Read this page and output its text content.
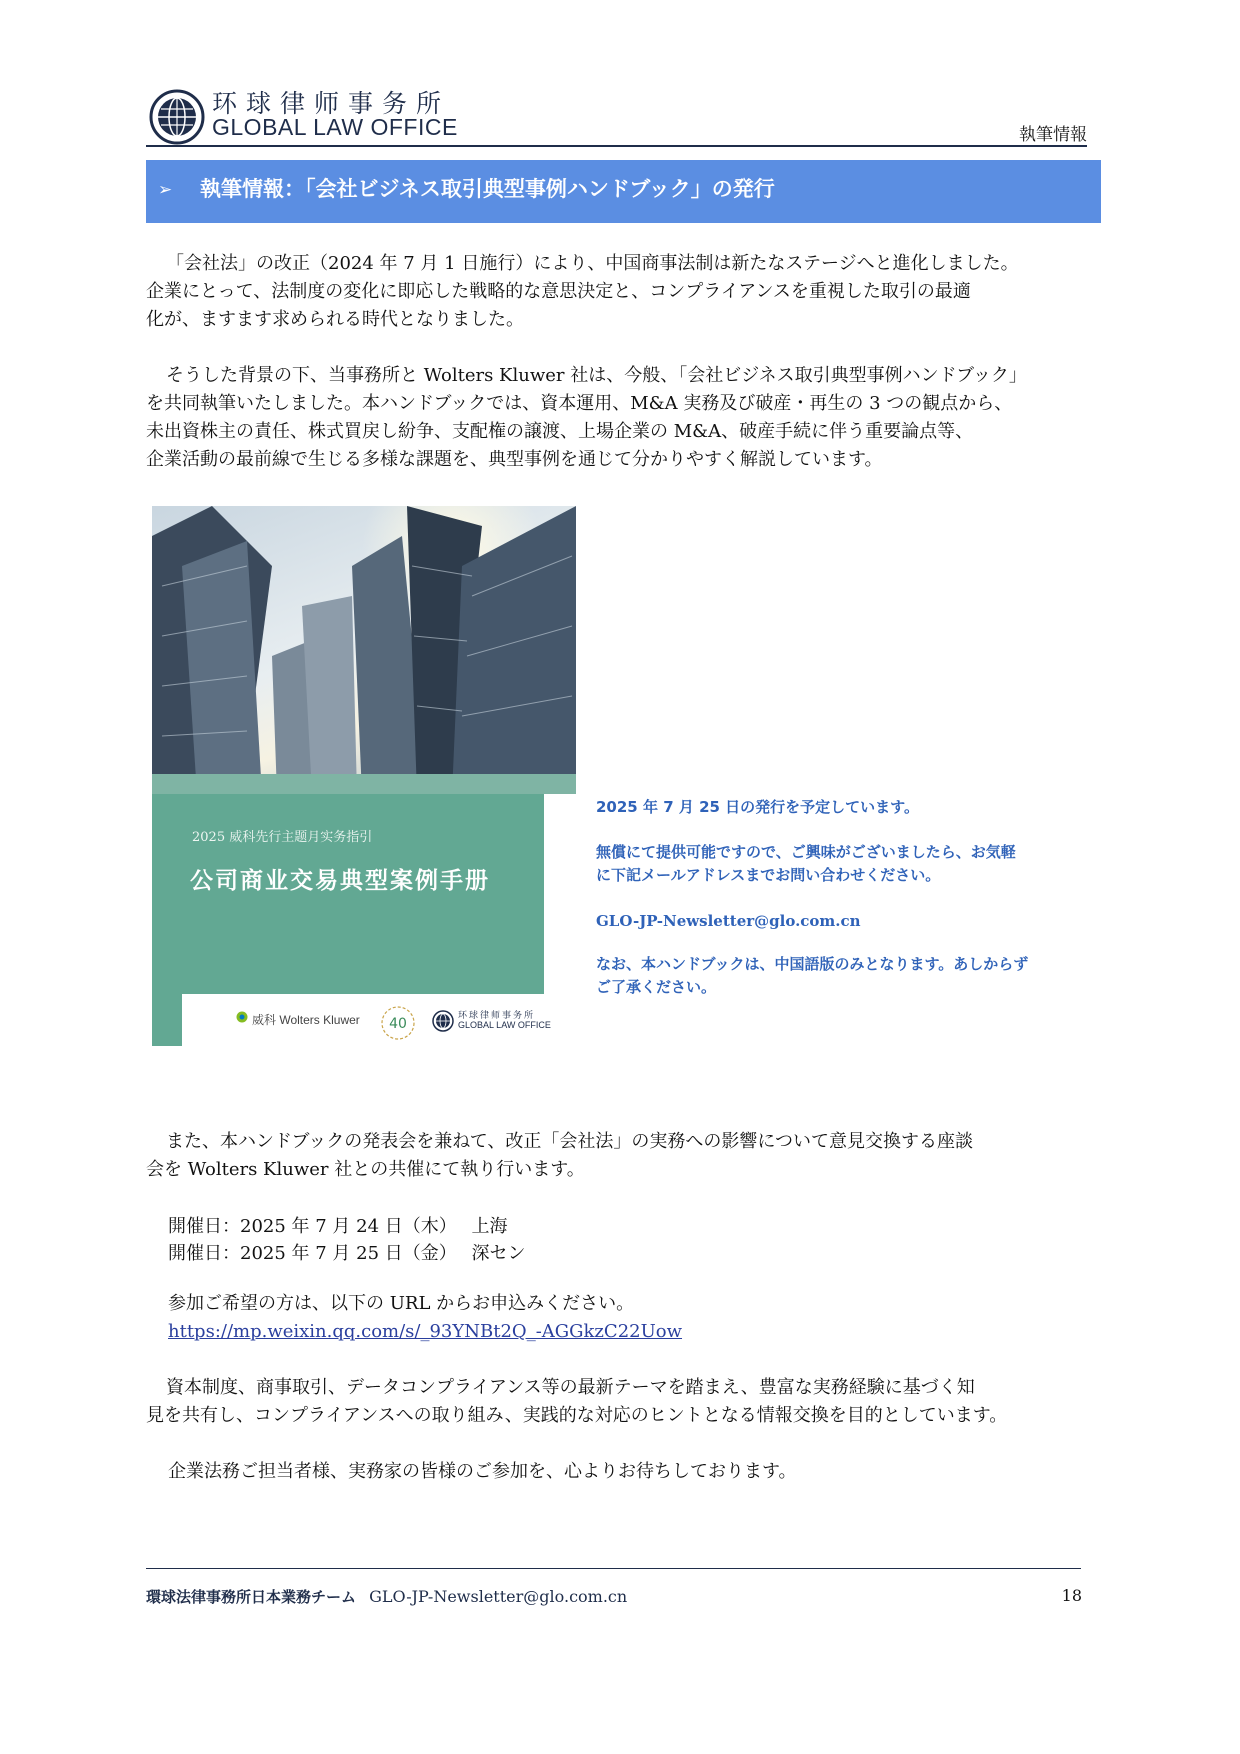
环球律师事务所
GLOBAL LAW OFFICE	執筆情報
➢ 執筆情報：「会社ビジネス取引典型事例ハンドブック」の発行
「会社法」の改正（2024 年 7 月 1 日施行）により、中国商事法制は新たなステージへと進化しました。
企業にとって、法制度の変化に即応した戦略的な意思決定と、コンプライアンスを重視した取引の最適
化が、ますます求められる時代となりました。
そうした背景の下、当事務所と Wolters Kluwer 社は、今般、「会社ビジネス取引典型事例ハンドブック」
を共同執筆いたしました。本ハンドブックでは、資本運用、M&A 実務及び破産・再生の 3 つの観点から、
未出資株主の責任、株式買戻し紛争、支配権の譲渡、上場企業の M&A、破産手続に伴う重要論点等、
企業活動の最前線で生じる多様な課題を、典型事例を通じて分かりやすく解説しています。
2025 威科先行主题月实务指引
公司商业交易典型案例手册
威科 Wolters Kluwer 40	环球律师事务所
GLOBAL LAW OFFICE
2025 年 7 月 25 日の発行を予定しています。
無償にて提供可能ですので、ご興味がございましたら、お気軽
に下記メールアドレスまでお問い合わせください。
GLO-JP-Newsletter@glo.com.cn
なお、本ハンドブックは、中国語版のみとなります。あしからず
ご了承ください。
また、本ハンドブックの発表会を兼ねて、改正「会社法」の実務への影響について意見交換する座談
会を Wolters Kluwer 社との共催にて執り行います。
開催日：2025 年 7 月 24 日（木）　 上海
開催日：2025 年 7 月 25 日（金）　 深セン
参加ご希望の方は、以下の URL からお申込みください。
https://mp.weixin.qq.com/s/_93YNBt2Q_-AGGkzC22Uow
資本制度、商事取引、データコンプライアンス等の最新テーマを踏まえ、豊富な実務経験に基づく知
見を共有し、コンプライアンスへの取り組み、実践的な対応のヒントとなる情報交換を目的としています。
企業法務ご担当者様、実務家の皆様のご参加を、心よりお待ちしております。
環球法律事務所日本業務チーム GLO-JP-Newsletter@glo.com.cn	18
